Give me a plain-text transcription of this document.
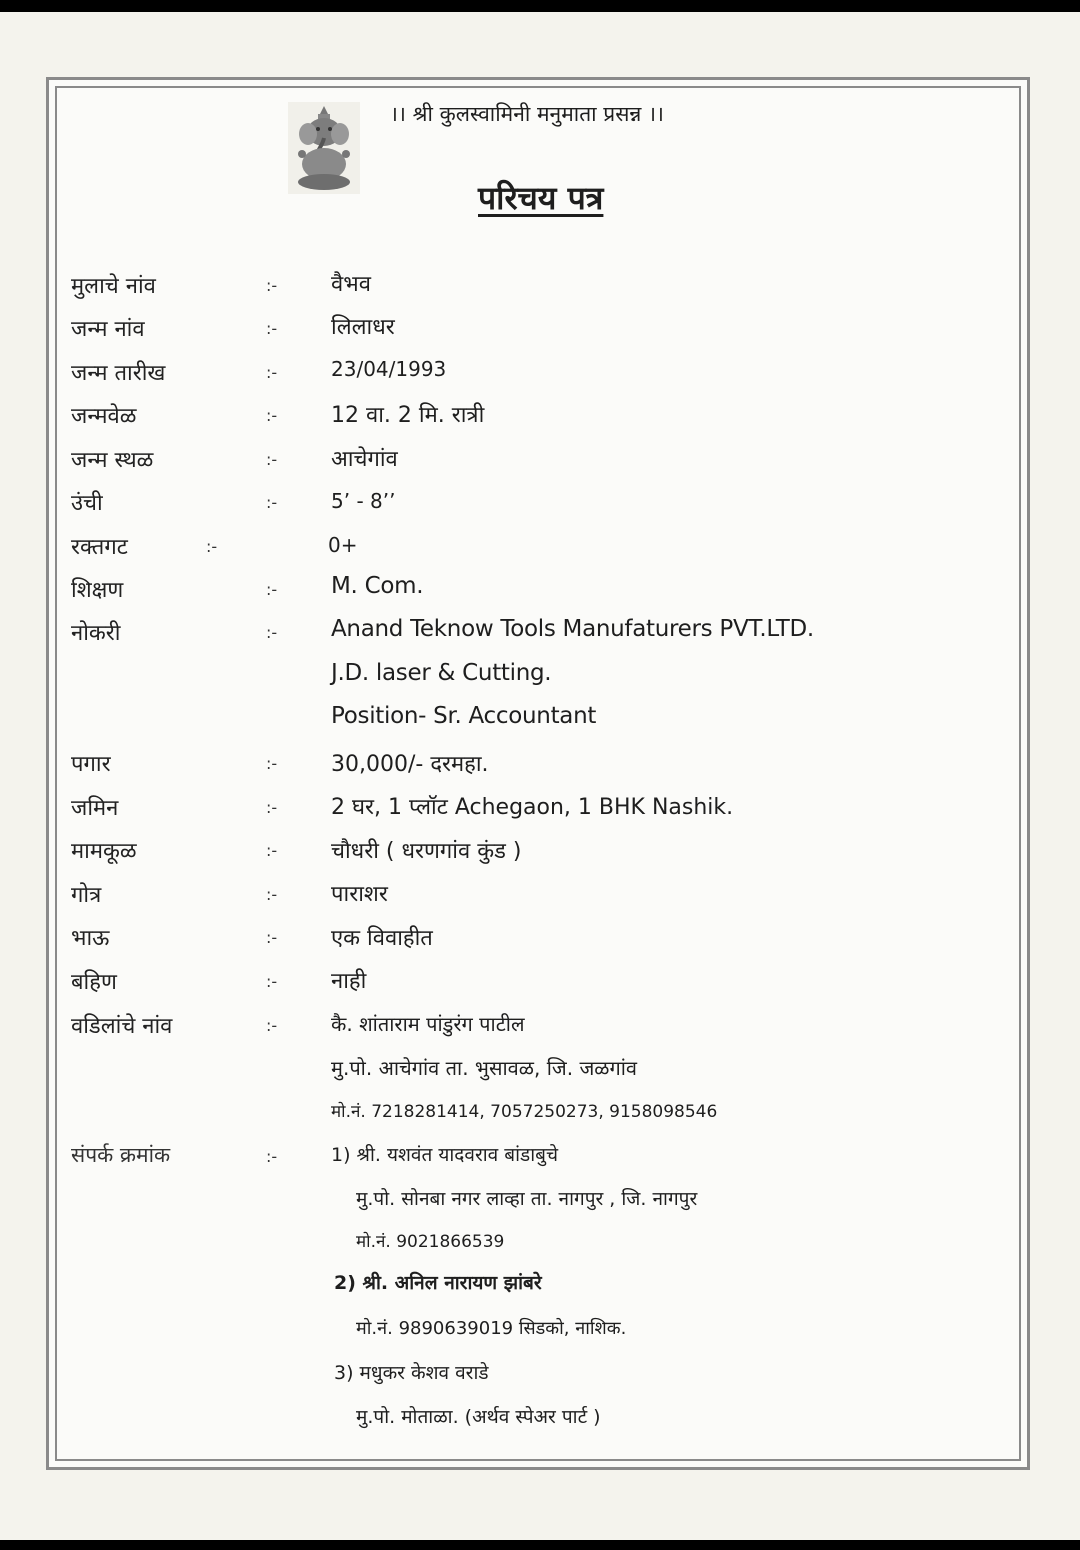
।। श्री कुलस्वामिनी मनुमाता प्रसन्न ।।
परिचय पत्र
मुलाचे नांव	:- वैभव
जन्म नांव	:- लिलाधर
जन्म तारीख	:-	23/04/1993
जन्मवेळ	:- 12 वा. 2 मि. रात्री
जन्म स्थळ	:- आचेगांव
उंची	:-	5’ - 8’’
रक्तगट	:-	0+
शिक्षण	:- M. Com.
नोकरी	:- Anand Teknow Tools Manufaturers PVT.LTD.
J.D. laser & Cutting.
Position- Sr. Accountant
पगार	:- 30,000/- दरमहा.
जमिन	:- 2 घर, 1 प्लॉट Achegaon, 1 BHK Nashik.
मामकूळ	:- चौधरी ( धरणगांव कुंड )
गोत्र	:- पाराशर
भाऊ	:- एक विवाहीत
बहिण	:- नाही
वडिलांचे नांव	:-	कै. शांताराम पांडुरंग पाटील
मु.पो. आचेगांव ता. भुसावळ, जि. जळगांव
मो.नं. 7218281414, 7057250273, 9158098546
संपर्क क्रमांक	:-	1) श्री. यशवंत यादवराव बांडाबुचे
मु.पो. सोनबा नगर लाव्हा ता. नागपुर , जि. नागपुर
मो.नं. 9021866539
2) श्री. अनिल नारायण झांबरे
मो.नं. 9890639019 सिडको, नाशिक.
3) मधुकर केशव वराडे
मु.पो. मोताळा. (अर्थव स्पेअर पार्ट )
